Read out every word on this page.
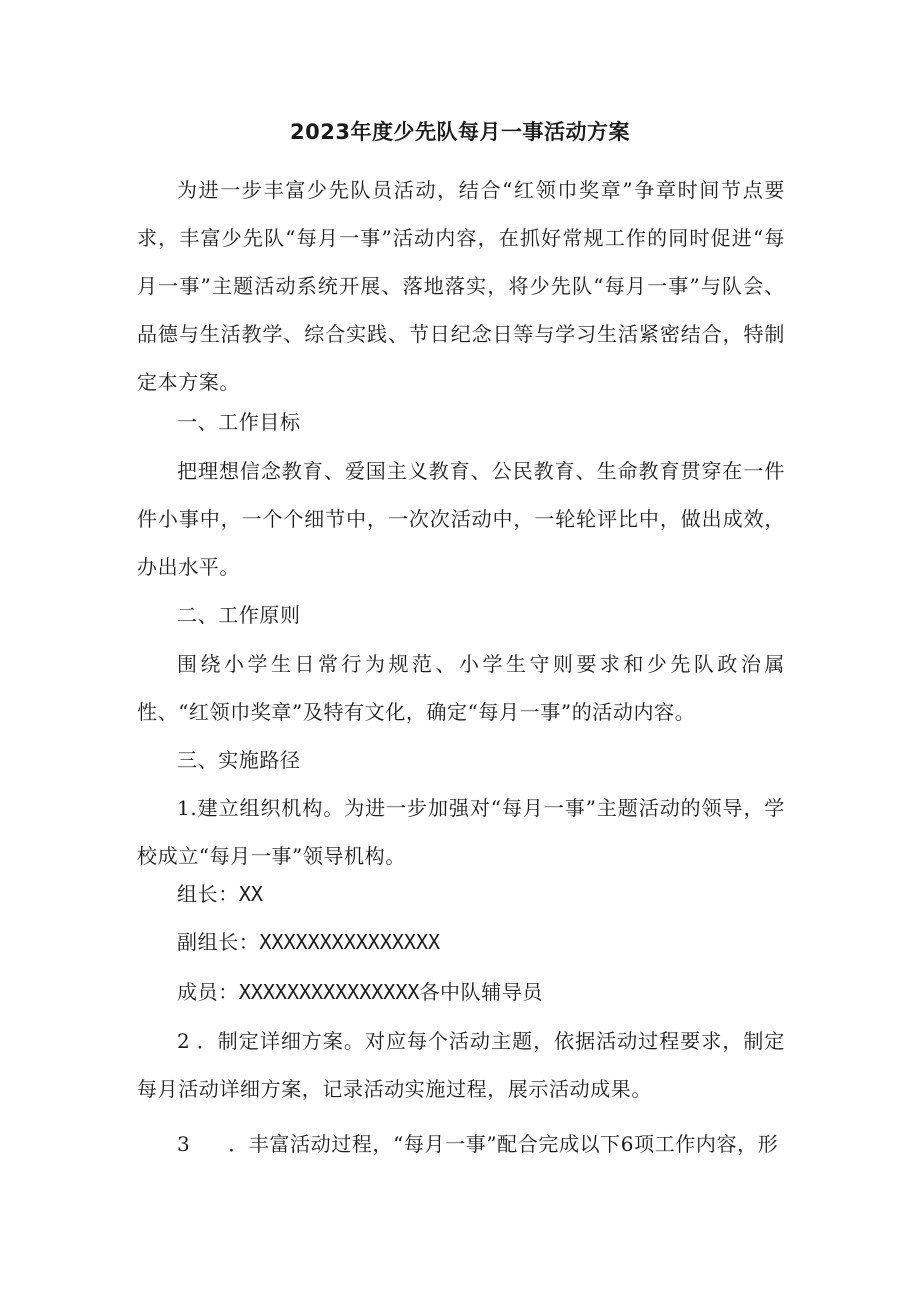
2023年度少先队每月一事活动方案

为进一步丰富少先队员活动，结合“红领巾奖章”争章时间节点要求，丰富少先队“每月一事”活动内容，在抓好常规工作的同时促进“每月一事”主题活动系统开展、落地落实，将少先队“每月一事”与队会、品德与生活教学、综合实践、节日纪念日等与学习生活紧密结合，特制定本方案。

一、工作目标

把理想信念教育、爱国主义教育、公民教育、生命教育贯穿在一件件小事中，一个个细节中，一次次活动中，一轮轮评比中，做出成效，办出水平。

二、工作原则

围绕小学生日常行为规范、小学生守则要求和少先队政治属性、“红领巾奖章”及特有文化，确定“每月一事”的活动内容。

三、实施路径

1.建立组织机构。为进一步加强对“每月一事”主题活动的领导，学校成立“每月一事”领导机构。

组长：XX

副组长：XXXXXXXXXXXXXXX

成员：XXXXXXXXXXXXXXX各中队辅导员

2 ．制定详细方案。对应每个活动主题，依据活动过程要求，制定每月活动详细方案，记录活动实施过程，展示活动成果。

3 ．丰富活动过程，“每月一事”配合完成以下6项工作内容，形
